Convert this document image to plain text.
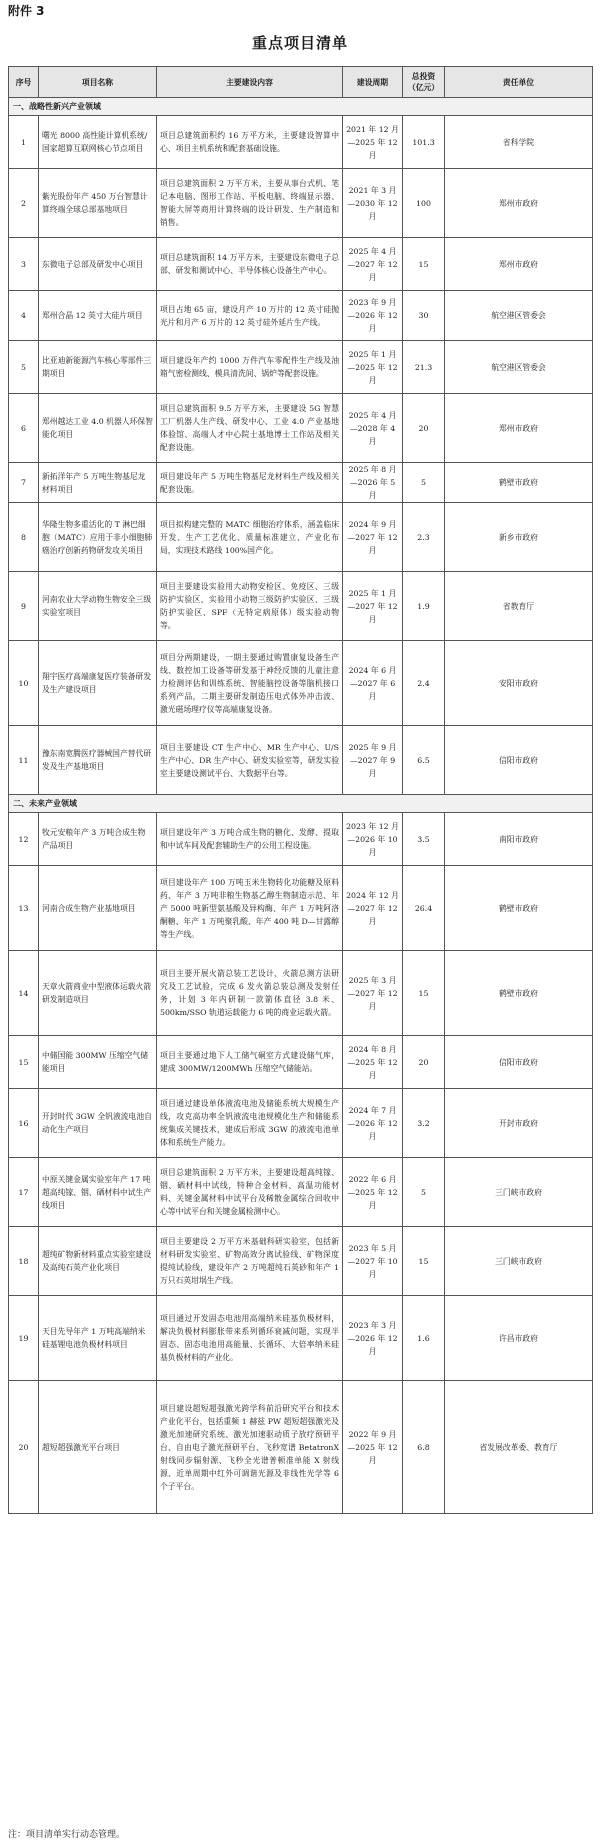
附件 3
重点项目清单
序号	项目名称	主要建设内容	建设周期	总投资（亿元）	责任单位
一、战略性新兴产业领域					
1	曙光 8000 高性能计算机系统/国家超算互联网核心节点项目	项目总建筑面积约 16 万平方米，主要建设智算中心、项目主机系统和配套基础设施。	2021 年 12 月—2025 年 12 月	101.3	省科学院
2	紫光股份年产 450 万台智慧计算终端全球总部基地项目	项目总建筑面积 2 万平方米，主要从事台式机、笔记本电脑、图形工作站、平板电脑、终端显示器、智能大屏等商用计算终端的设计研发、生产制造和销售。	2021 年 3 月—2030 年 12 月	100	郑州市政府
3	东微电子总部及研发中心项目	项目总建筑面积 14 万平方米，主要建设东微电子总部、研发和测试中心、半导体核心设备生产中心。	2025 年 4 月—2027 年 12 月	15	郑州市政府
4	郑州合晶 12 英寸大硅片项目	项目占地 65 亩，建设月产 10 万片的 12 英寸硅抛光片和月产 6 万片的 12 英寸硅外延片生产线。	2023 年 9 月—2026 年 12 月	30	航空港区管委会
5	比亚迪新能源汽车核心零部件三期项目	项目建设年产约 1000 万件汽车零配件生产线及油箱气密检测线、模具清洗间、锅炉等配套设施。	2025 年 1 月—2025 年 12 月	21.3	航空港区管委会
6	郑州越达工业 4.0 机器人环保智能化项目	项目总建筑面积 9.5 万平方米，主要建设 5G 智慧工厂机器人生产线、研发中心、工业 4.0 产业基地体验馆、高端人才中心院士基地博士工作站及相关配套设施。	2025 年 4 月—2028 年 4 月	20	郑州市政府
7	新拓洋年产 5 万吨生物基尼龙材料项目	项目建设年产 5 万吨生物基尼龙材料生产线及相关配套设施。	2025 年 8 月—2026 年 5 月	5	鹤壁市政府
8	华隆生物多重活化的 T 淋巴细胞（MATC）应用于非小细胞肺癌治疗创新药物研发攻关项目	项目拟构建完整的 MATC 细胞治疗体系，涵盖临床开发、生产工艺优化、质量标准建立、产业化布局，实现技术路线 100%国产化。	2024 年 9 月—2027 年 12 月	2.3	新乡市政府
9	河南农业大学动物生物安全三级实验室项目	项目主要建设实验用大动物安检区、免疫区、三级防护实验区，实验用小动物三级防护实验区、三级防护实验区、SPF（无特定病原体）级实验动物等。	2025 年 1 月—2027 年 12 月	1.9	省教育厅
10	翔宇医疗高端康复医疗装备研发及生产建设项目	项目分两期建设，一期主要通过购置康复设备生产线、数控加工设备等研发基于神经反馈的儿童注意力检测评估和训练系统、智能脑控设备等脑机接口系列产品，二期主要研发制造压电式体外冲击波、激光磁场理疗仪等高端康复设备。	2024 年 6 月—2027 年 6 月	2.4	安阳市政府
11	豫东南宽腾医疗器械国产替代研发及生产基地项目	项目主要建设 CT 生产中心、MR 生产中心、U/S 生产中心、DR 生产中心、研发实验室等，研发实验室主要建设测试平台、大数据平台等。	2025 年 9 月—2027 年 9 月	6.5	信阳市政府
二、未来产业领域					
12	牧元安粮年产 3 万吨合成生物产品项目	项目建设年产 3 万吨合成生物的糖化、发酵、提取和中试车间及配套辅助生产的公用工程设施。	2023 年 12 月—2026 年 10 月	3.5	南阳市政府
13	河南合成生物产业基地项目	项目建设年产 100 万吨玉米生物转化功能糖及原料药、年产 3 万吨非粮生物基乙醇生物制造示范、年产 5000 吨新型氨基酸及异构酶、年产 1 万吨阿洛酮糖、年产 1 万吨聚乳酸、年产 400 吨 D—甘露醇等生产线。	2024 年 12 月—2027 年 12 月	26.4	鹤壁市政府
14	天章火箭商业中型液体运载火箭研发制造项目	项目主要开展火箭总装工艺设计、火箭总测方法研究及工艺试验，完成 6 发火箭总装总测及发射任务，计划 3 年内研制一款箭体直径 3.8 米、500km/SSO 轨道运载能力 6 吨的商业运载火箭。	2025 年 3 月—2027 年 12 月	15	鹤壁市政府
15	中储国能 300MW 压缩空气储能项目	项目主要通过地下人工储气硐室方式建设储气库，建成 300MW/1200MWh 压缩空气储能站。	2024 年 8 月—2025 年 12 月	20	信阳市政府
16	开封时代 3GW 全钒液流电池自动化生产项目	项目通过建设单体液流电池及储能系统大规模生产线，攻克高功率全钒液流电池规模化生产和储能系统集成关键技术，建成后形成 3GW 的液流电池单体和系统生产能力。	2024 年 7 月—2026 年 12 月	3.2	开封市政府
17	中原关键金属实验室年产 17 吨超高纯镓、铟、硒材料中试生产线项目	项目总建筑面积 2 万平方米，主要建设超高纯镓、铟、硒材料中试线，特种合金材料、高温功能材料、关键金属材料中试平台及稀散金属综合回收中心等中试平台和关键金属检测中心。	2022 年 6 月—2025 年 12 月	5	三门峡市政府
18	超纯矿物新材料重点实验室建设及高纯石英产业化项目	项目主要建设 2 万平方米基础科研实验室，包括新材料研发实验室、矿物高效分离试验线、矿物深度提纯试验线，建设年产 2 万吨超纯石英砂和年产 1 万只石英坩埚生产线。	2023 年 5 月—2027 年 10 月	15	三门峡市政府
19	天目先导年产 1 万吨高端纳米硅基锂电池负极材料项目	项目通过开发固态电池用高端纳米硅基负极材料，解决负极材料膨胀带来系列循环衰减问题，实现半固态、固态电池用高能量、长循环、大倍率纳米硅基负极材料的产业化。	2023 年 3 月—2026 年 12 月	1.6	许昌市政府
20	超短超强激光平台项目	项目建设超短超强激光跨学科前沿研究平台和技术产业化平台，包括重频 1 赫兹 PW 超短超强激光及激光加速研究系统、激光加速驱动质子放疗预研平台、自由电子激光预研平台、飞秒宽谱 BetatronX 射线同步辐射源、飞秒全光谱普顿准单能 X 射线源、近单周期中红外可调谐光源及非线性光学等 6 个子平台。	2022 年 9 月—2025 年 12 月	6.8	省发展改革委、教育厅
注：项目清单实行动态管理。
